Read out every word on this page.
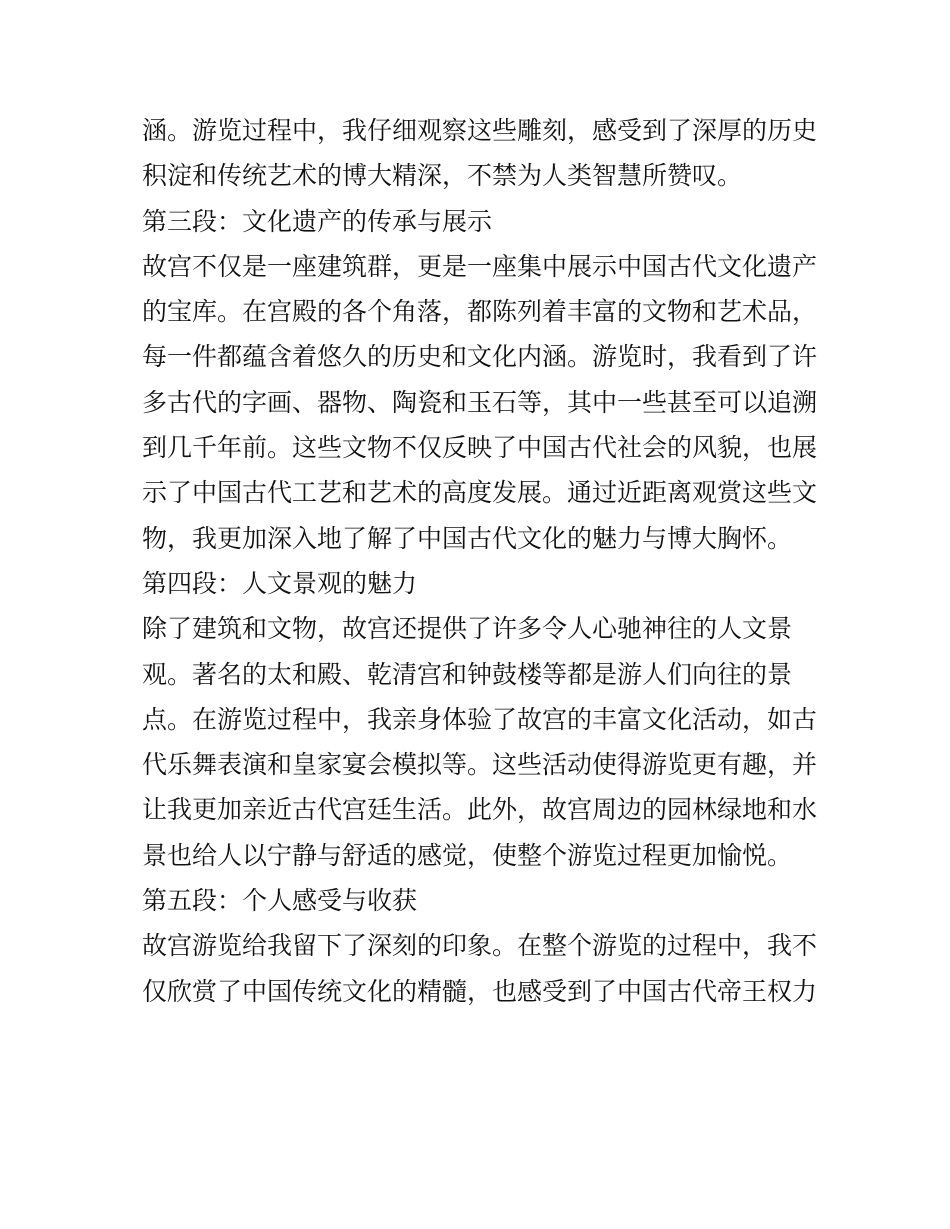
涵。游览过程中，我仔细观察这些雕刻，感受到了深厚的历史
积淀和传统艺术的博大精深，不禁为人类智慧所赞叹。
第三段：文化遗产的传承与展示
故宫不仅是一座建筑群，更是一座集中展示中国古代文化遗产
的宝库。在宫殿的各个角落，都陈列着丰富的文物和艺术品，
每一件都蕴含着悠久的历史和文化内涵。游览时，我看到了许
多古代的字画、器物、陶瓷和玉石等，其中一些甚至可以追溯
到几千年前。这些文物不仅反映了中国古代社会的风貌，也展
示了中国古代工艺和艺术的高度发展。通过近距离观赏这些文
物，我更加深入地了解了中国古代文化的魅力与博大胸怀。
第四段：人文景观的魅力
除了建筑和文物，故宫还提供了许多令人心驰神往的人文景
观。著名的太和殿、乾清宫和钟鼓楼等都是游人们向往的景
点。在游览过程中，我亲身体验了故宫的丰富文化活动，如古
代乐舞表演和皇家宴会模拟等。这些活动使得游览更有趣，并
让我更加亲近古代宫廷生活。此外，故宫周边的园林绿地和水
景也给人以宁静与舒适的感觉，使整个游览过程更加愉悦。
第五段：个人感受与收获
故宫游览给我留下了深刻的印象。在整个游览的过程中，我不
仅欣赏了中国传统文化的精髓，也感受到了中国古代帝王权力
